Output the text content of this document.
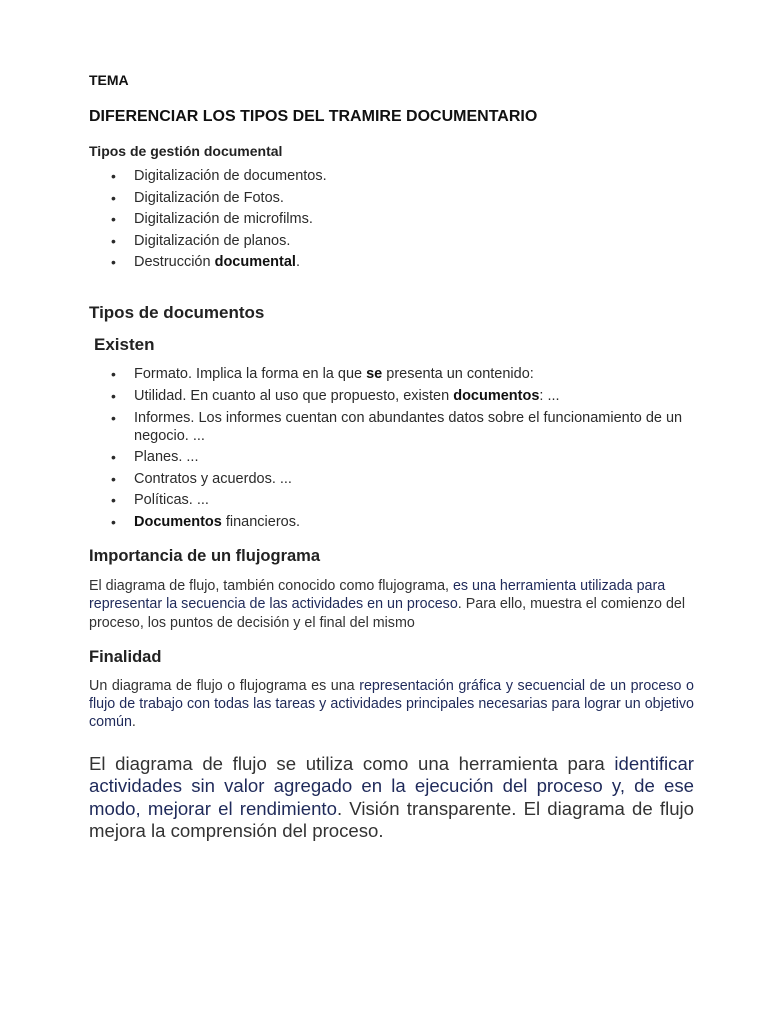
TEMA

DIFERENCIAR LOS TIPOS DEL TRAMIRE DOCUMENTARIO
Tipos de gestión documental
• Digitalización de documentos.
• Digitalización de Fotos.
• Digitalización de microfilms.
• Digitalización de planos.
• Destrucción documental.
Tipos de documentos
Existen
• Formato. Implica la forma en la que se presenta un contenido:
• Utilidad. En cuanto al uso que propuesto, existen documentos: ...
• Informes. Los informes cuentan con abundantes datos sobre el funcionamiento de un negocio. ...
• Planes. ...
• Contratos y acuerdos. ...
• Políticas. ...
• Documentos financieros.
Importancia de un flujograma

El diagrama de flujo, también conocido como flujograma, es una herramienta utilizada para representar la secuencia de las actividades en un proceso. Para ello, muestra el comienzo del proceso, los puntos de decisión y el final del mismo

Finalidad

Un diagrama de flujo o flujograma es una representación gráfica y secuencial de un proceso o flujo de trabajo con todas las tareas y actividades principales necesarias para lograr un objetivo común.

El diagrama de flujo se utiliza como una herramienta para identificar actividades sin valor agregado en la ejecución del proceso y, de ese modo, mejorar el rendimiento. Visión transparente. El diagrama de flujo mejora la comprensión del proceso.
